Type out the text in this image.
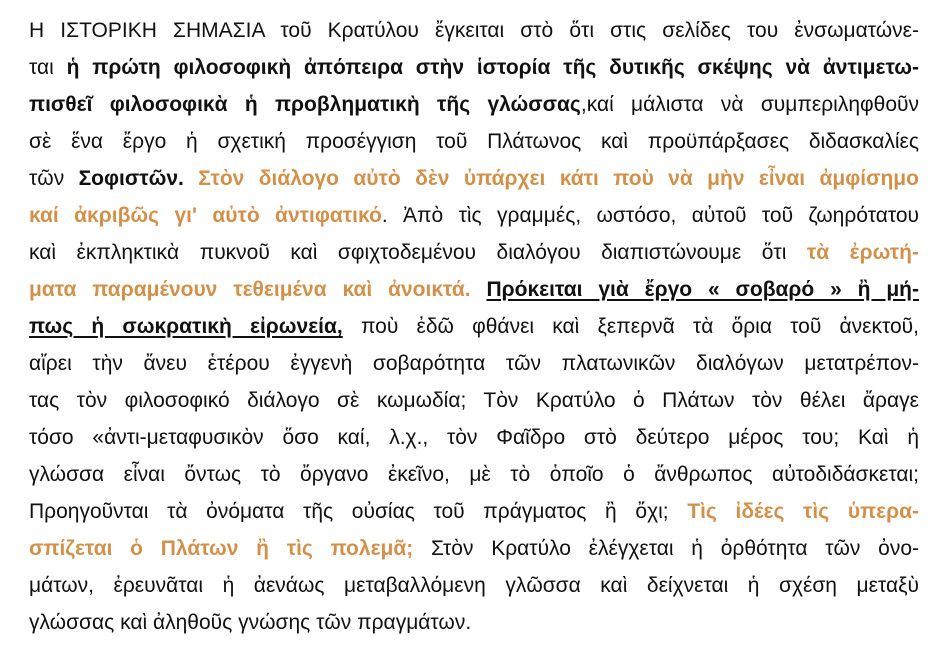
Η ΙΣΤΟΡΙΚΗ ΣΗΜΑΣΙΑ τοῦ Κρατύλου ἔγκειται στὸ ὅτι στις σελίδες του ἐνσωματώνε-
ται ἡ πρώτη φιλοσοφικὴ ἀπόπειρα στὴν ἱστορία τῆς δυτικῆς σκέψης νὰ ἀντιμετω-
πισθεῖ φιλοσοφικὰ ἡ προβληματικὴ τῆς γλώσσας,καί μάλιστα νὰ συμπεριληφθοῦν
σὲ ἕνα ἔργο ἡ σχετική προσέγγιση τοῦ Πλάτωνος καὶ προϋπάρξασες διδασκαλίες
τῶν Σοφιστῶν. Στὸν διάλογο αὐτὸ δὲν ὑπάρχει κάτι ποὺ νὰ μὴν εἶναι ἀμφίσημο
καί ἀκριβῶς γι' αὐτὸ ἀντιφατικό. Ἀπὸ τὶς γραμμές, ωστόσο, αὐτοῦ τοῦ ζωηρότατου
καὶ ἐκπληκτικὰ πυκνοῦ καὶ σφιχτοδεμένου διαλόγου διαπιστώνουμε ὅτι τὰ ἐρωτή-
ματα παραμένουν τεθειμένα καὶ ἀνοικτά. Πρόκειται γιὰ ἔργο « σοβαρό » ἢ μή-
πως ἡ σωκρατικὴ εἰρωνεία, ποὺ ἐδῶ φθάνει καὶ ξεπερνᾶ τὰ ὅρια τοῦ ἀνεκτοῦ,
αἴρει τὴν ἄνευ ἑτέρου ἐγγενὴ σοβαρότητα τῶν πλατωνικῶν διαλόγων μετατρέπον-
τας τὸν φιλοσοφικό διάλογο σὲ κωμωδία; Τὸν Κρατύλο ὁ Πλάτων τὸν θέλει ἄραγε
τόσο «ἀντι-μεταφυσικὸν ὅσο καί, λ.χ., τὸν Φαῖδρο στὸ δεύτερο μέρος του; Καὶ ἡ
γλώσσα εἶναι ὄντως τὸ ὄργανο ἐκεῖνο, μὲ τὸ ὁποῖο ὁ ἄνθρωπος αὐτοδιδάσκεται;
Προηγοῦνται τὰ ὀνόματα τῆς οὐσίας τοῦ πράγματος ἢ ὄχι; Τὶς ἰδέες τὶς ὑπερα-
σπίζεται ὁ Πλάτων ἢ τὶς πολεμᾶ; Στὸν Κρατύλο ἐλέγχεται ἡ ὀρθότητα τῶν ὀνο-
μάτων, ἐρευνᾶται ἡ ἀενάως μεταβαλλόμενη γλῶσσα καὶ δείχνεται ἡ σχέση μεταξὺ
γλώσσας καὶ ἀληθοῦς γνώσης τῶν πραγμάτων.
